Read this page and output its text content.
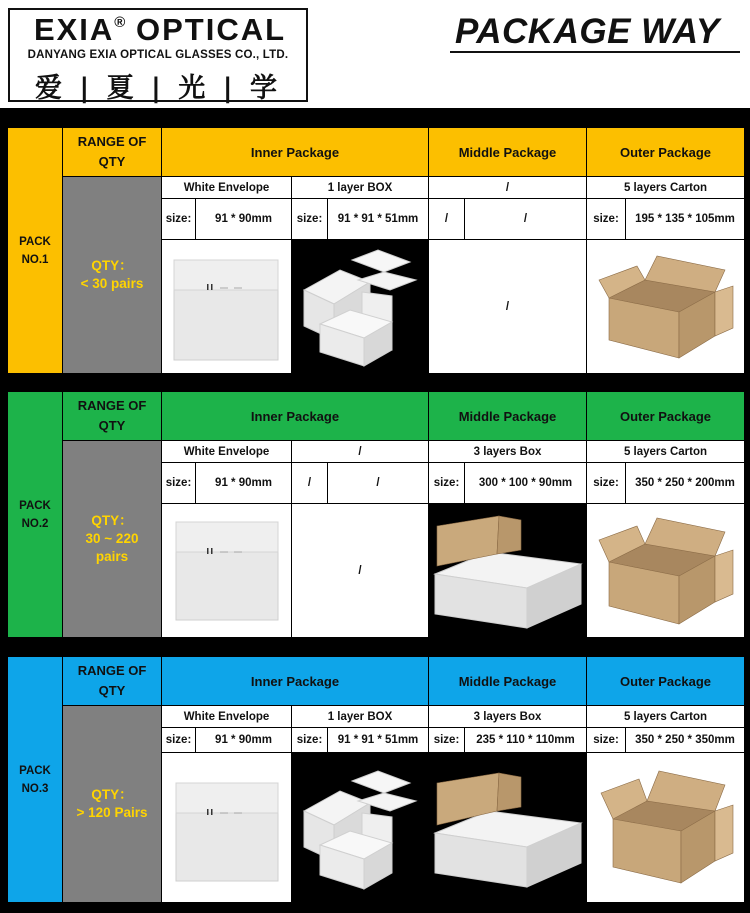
EXIA® OPTICAL
DANYANG EXIA OPTICAL GLASSES CO., LTD.
爱 | 夏 | 光 | 学
PACKAGE WAY
PACK
NO.1
RANGE OF
QTY
QTY：
< 30 pairs
Inner Package	Middle Package	Outer Package
White Envelope	1 layer BOX	/	5 layers Carton
size:	91 * 90mm	size:	91 * 91 * 51mm	/	/	size:	195 * 135 * 105mm
/
PACK
NO.2
RANGE OF
QTY
QTY：
30 ~ 220
pairs
Inner Package	Middle Package	Outer Package
White Envelope	/	3 layers Box	5 layers Carton
size:	91 * 90mm	/	/	size:	300 * 100 * 90mm	size:	350 * 250 * 200mm
/
PACK
NO.3
RANGE OF
QTY
QTY：
> 120 Pairs
Inner Package	Middle Package	Outer Package
White Envelope	1 layer BOX	3 layers Box	5 layers Carton
size:	91 * 90mm	size:	91 * 91 * 51mm	size:	235 * 110 * 110mm	size:	350 * 250 * 350mm
